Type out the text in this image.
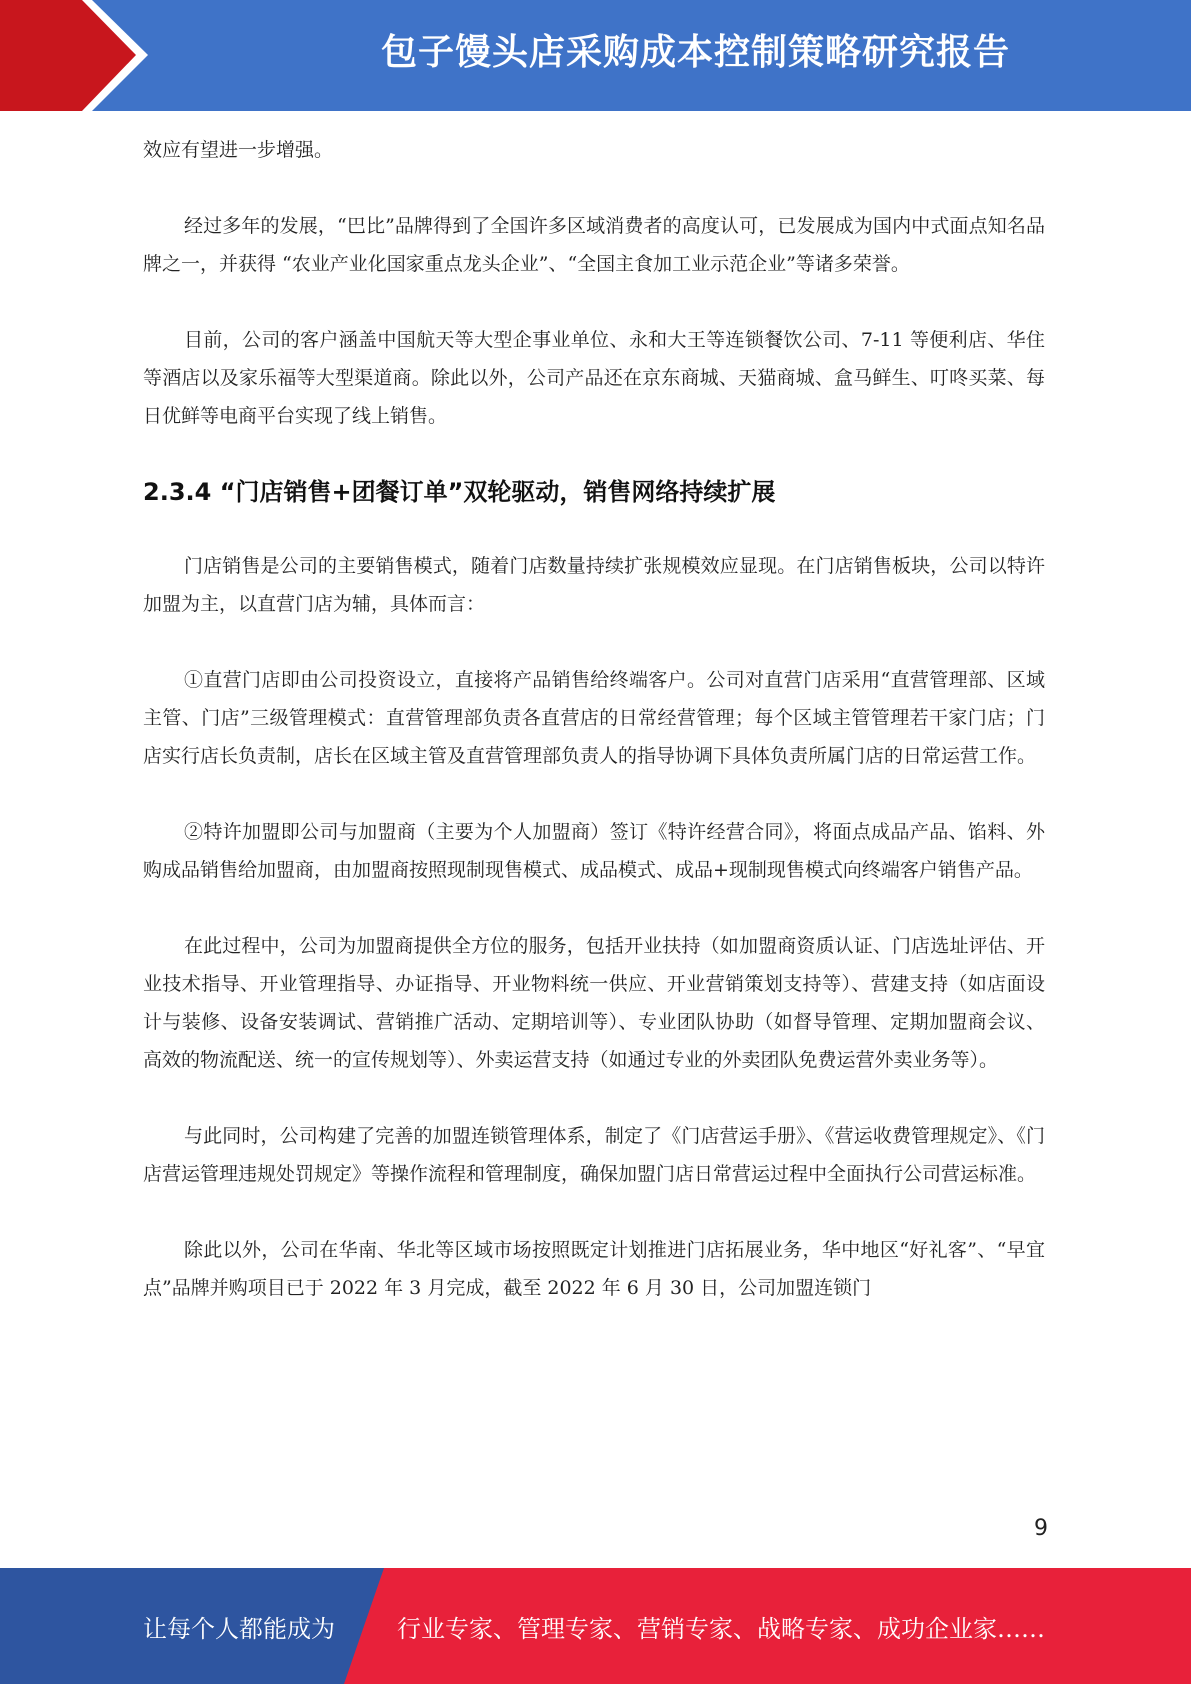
包子馒头店采购成本控制策略研究报告

效应有望进一步增强。

经过多年的发展，“巴比”品牌得到了全国许多区域消费者的高度认可，已发展成为国内中式面点知名品牌之一，并获得 “农业产业化国家重点龙头企业”、“全国主食加工业示范企业”等诸多荣誉。

目前，公司的客户涵盖中国航天等大型企事业单位、永和大王等连锁餐饮公司、7-11 等便利店、华住等酒店以及家乐福等大型渠道商。除此以外，公司产品还在京东商城、天猫商城、盒马鲜生、叮咚买菜、每日优鲜等电商平台实现了线上销售。

2.3.4 “门店销售+团餐订单”双轮驱动，销售网络持续扩展

门店销售是公司的主要销售模式，随着门店数量持续扩张规模效应显现。在门店销售板块，公司以特许加盟为主，以直营门店为辅，具体而言：

①直营门店即由公司投资设立，直接将产品销售给终端客户。公司对直营门店采用“直营管理部、区域主管、门店”三级管理模式：直营管理部负责各直营店的日常经营管理；每个区域主管管理若干家门店；门店实行店长负责制，店长在区域主管及直营管理部负责人的指导协调下具体负责所属门店的日常运营工作。

②特许加盟即公司与加盟商（主要为个人加盟商）签订《特许经营合同》，将面点成品产品、馅料、外购成品销售给加盟商，由加盟商按照现制现售模式、成品模式、成品+现制现售模式向终端客户销售产品。

在此过程中，公司为加盟商提供全方位的服务，包括开业扶持（如加盟商资质认证、门店选址评估、开业技术指导、开业管理指导、办证指导、开业物料统一供应、开业营销策划支持等）、营建支持（如店面设计与装修、设备安装调试、营销推广活动、定期培训等）、专业团队协助（如督导管理、定期加盟商会议、高效的物流配送、统一的宣传规划等）、外卖运营支持（如通过专业的外卖团队免费运营外卖业务等）。

与此同时，公司构建了完善的加盟连锁管理体系，制定了《门店营运手册》、《营运收费管理规定》、《门店营运管理违规处罚规定》等操作流程和管理制度，确保加盟门店日常营运过程中全面执行公司营运标准。

除此以外，公司在华南、华北等区域市场按照既定计划推进门店拓展业务，华中地区“好礼客”、“早宜点”品牌并购项目已于 2022 年 3 月完成，截至 2022 年 6 月 30 日，公司加盟连锁门

9
让每个人都能成为	行业专家、管理专家、营销专家、战略专家、成功企业家……
